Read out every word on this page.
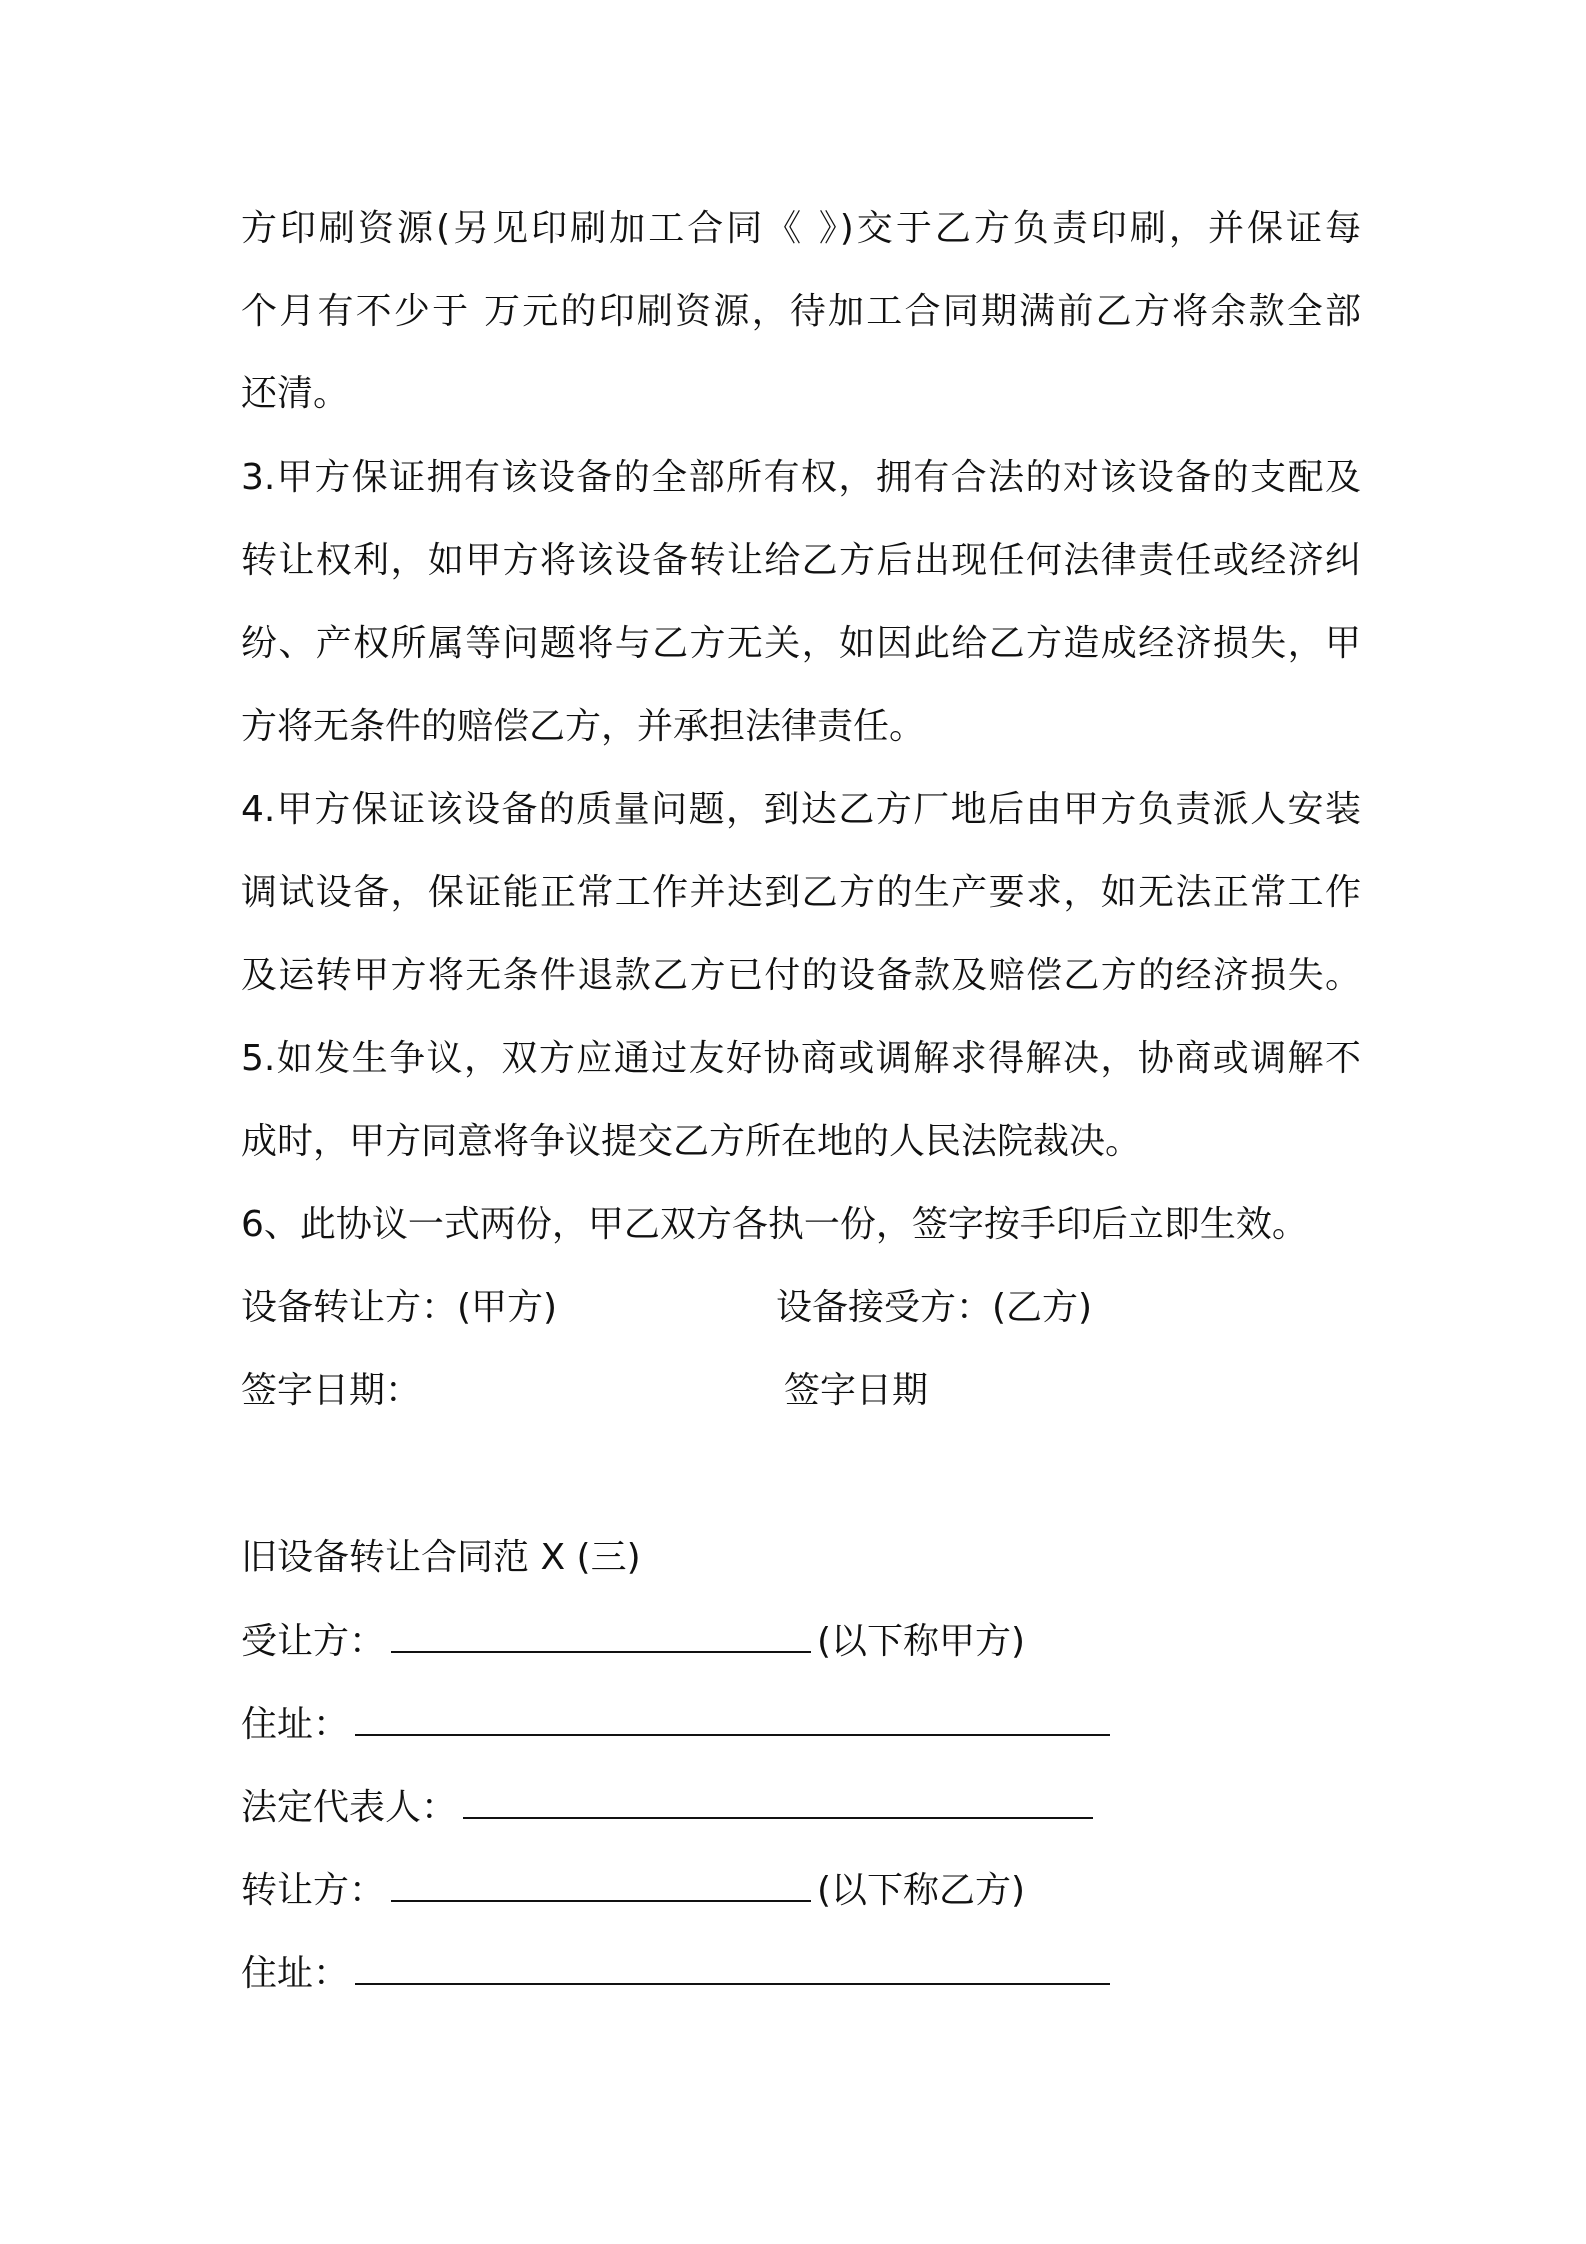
方印刷资源(另见印刷加工合同《 》)交于乙方负责印刷，并保证每
个月有不少于 万元的印刷资源，待加工合同期满前乙方将余款全部
还清。
3.甲方保证拥有该设备的全部所有权，拥有合法的对该设备的支配及
转让权利，如甲方将该设备转让给乙方后出现任何法律责任或经济纠
纷、产权所属等问题将与乙方无关，如因此给乙方造成经济损失，甲
方将无条件的赔偿乙方，并承担法律责任。
4.甲方保证该设备的质量问题，到达乙方厂地后由甲方负责派人安装
调试设备，保证能正常工作并达到乙方的生产要求，如无法正常工作
及运转甲方将无条件退款乙方已付的设备款及赔偿乙方的经济损失。
5.如发生争议，双方应通过友好协商或调解求得解决，协商或调解不
成时，甲方同意将争议提交乙方所在地的人民法院裁决。
6、此协议一式两份，甲乙双方各执一份，签字按手印后立即生效。
设备转让方：(甲方)	设备接受方：(乙方)
签字日期：	签字日期
旧设备转让合同范 X (三)
受让方：	(以下称甲方)
住址：
法定代表人：
转让方：	(以下称乙方)
住址：
